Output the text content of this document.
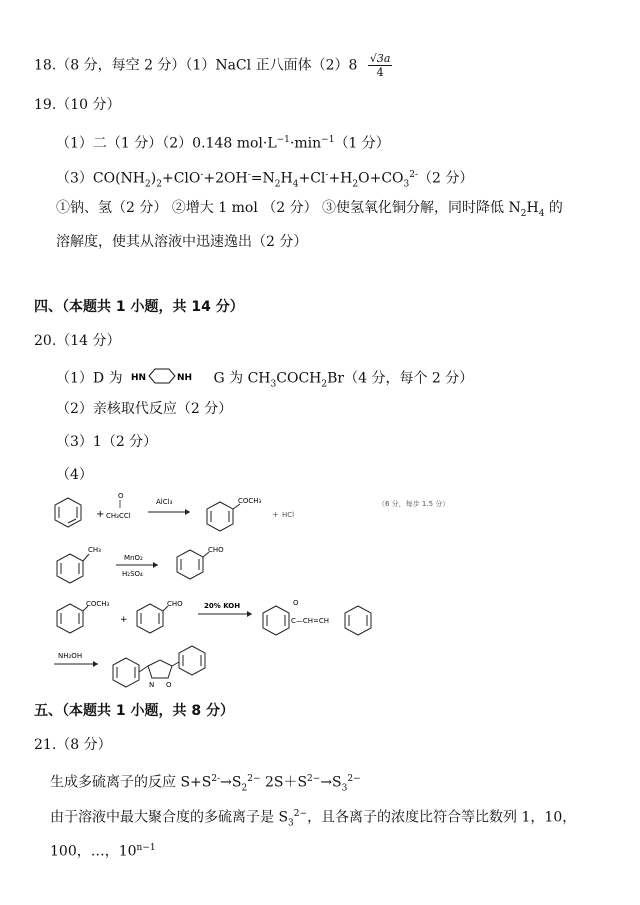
18.（8 分，每空 2 分）（1）NaCl 正八面体$(2)8 \frac{√3a}{4}$
19.（10 分）
（1）二（1 分）（2）0.148 $mol\cdot L^{-1}\cdot\min^{-1}(1$ 分）
$(3)CO(NH_2)_2+ClO^-+2OH^-=N_2H_4+Cl^-+H_2O+CO_3^{2-}(2$ 分）
①钠、氢（2 分） ②增大 1 mol （2 分） ③使氢氧化铜分解，同时降低 $N_2H_4$ 的
溶解度，使其从溶液中迅速逸出（2 分）
四、（本题共 1 小题，共 14 分）
20.（14 分）
（1）D 为 HN	NH G 为 $CH_3COCH_2Br(4$ 分，每个 2 分）
（2）亲核取代反应（2 分）
（3）1（2 分）
（4）
+
O
CH₃CCl
AlCl₃	COCH₃
+ HCl
（6 分，每步 1.5 分）
CH₃
MnO₂
H₂SO₄
CHO
COCH₃
+
CHO	20% KOH	O
C—CH=CH
NH₂OH
N O
五、（本题共 1 小题，共 8 分）
21.（8 分）
生成多硫离子的反应 $S+S^{2-}\to S_2^{2-}$ $2S+S^{2-}\to S_3^{2-}$
由于溶液中最大聚合度的多硫离子是 $S_3^{2-}$，且各离子的浓度比符合等比数列 1，10，
100，…，$10^{n-1}$
